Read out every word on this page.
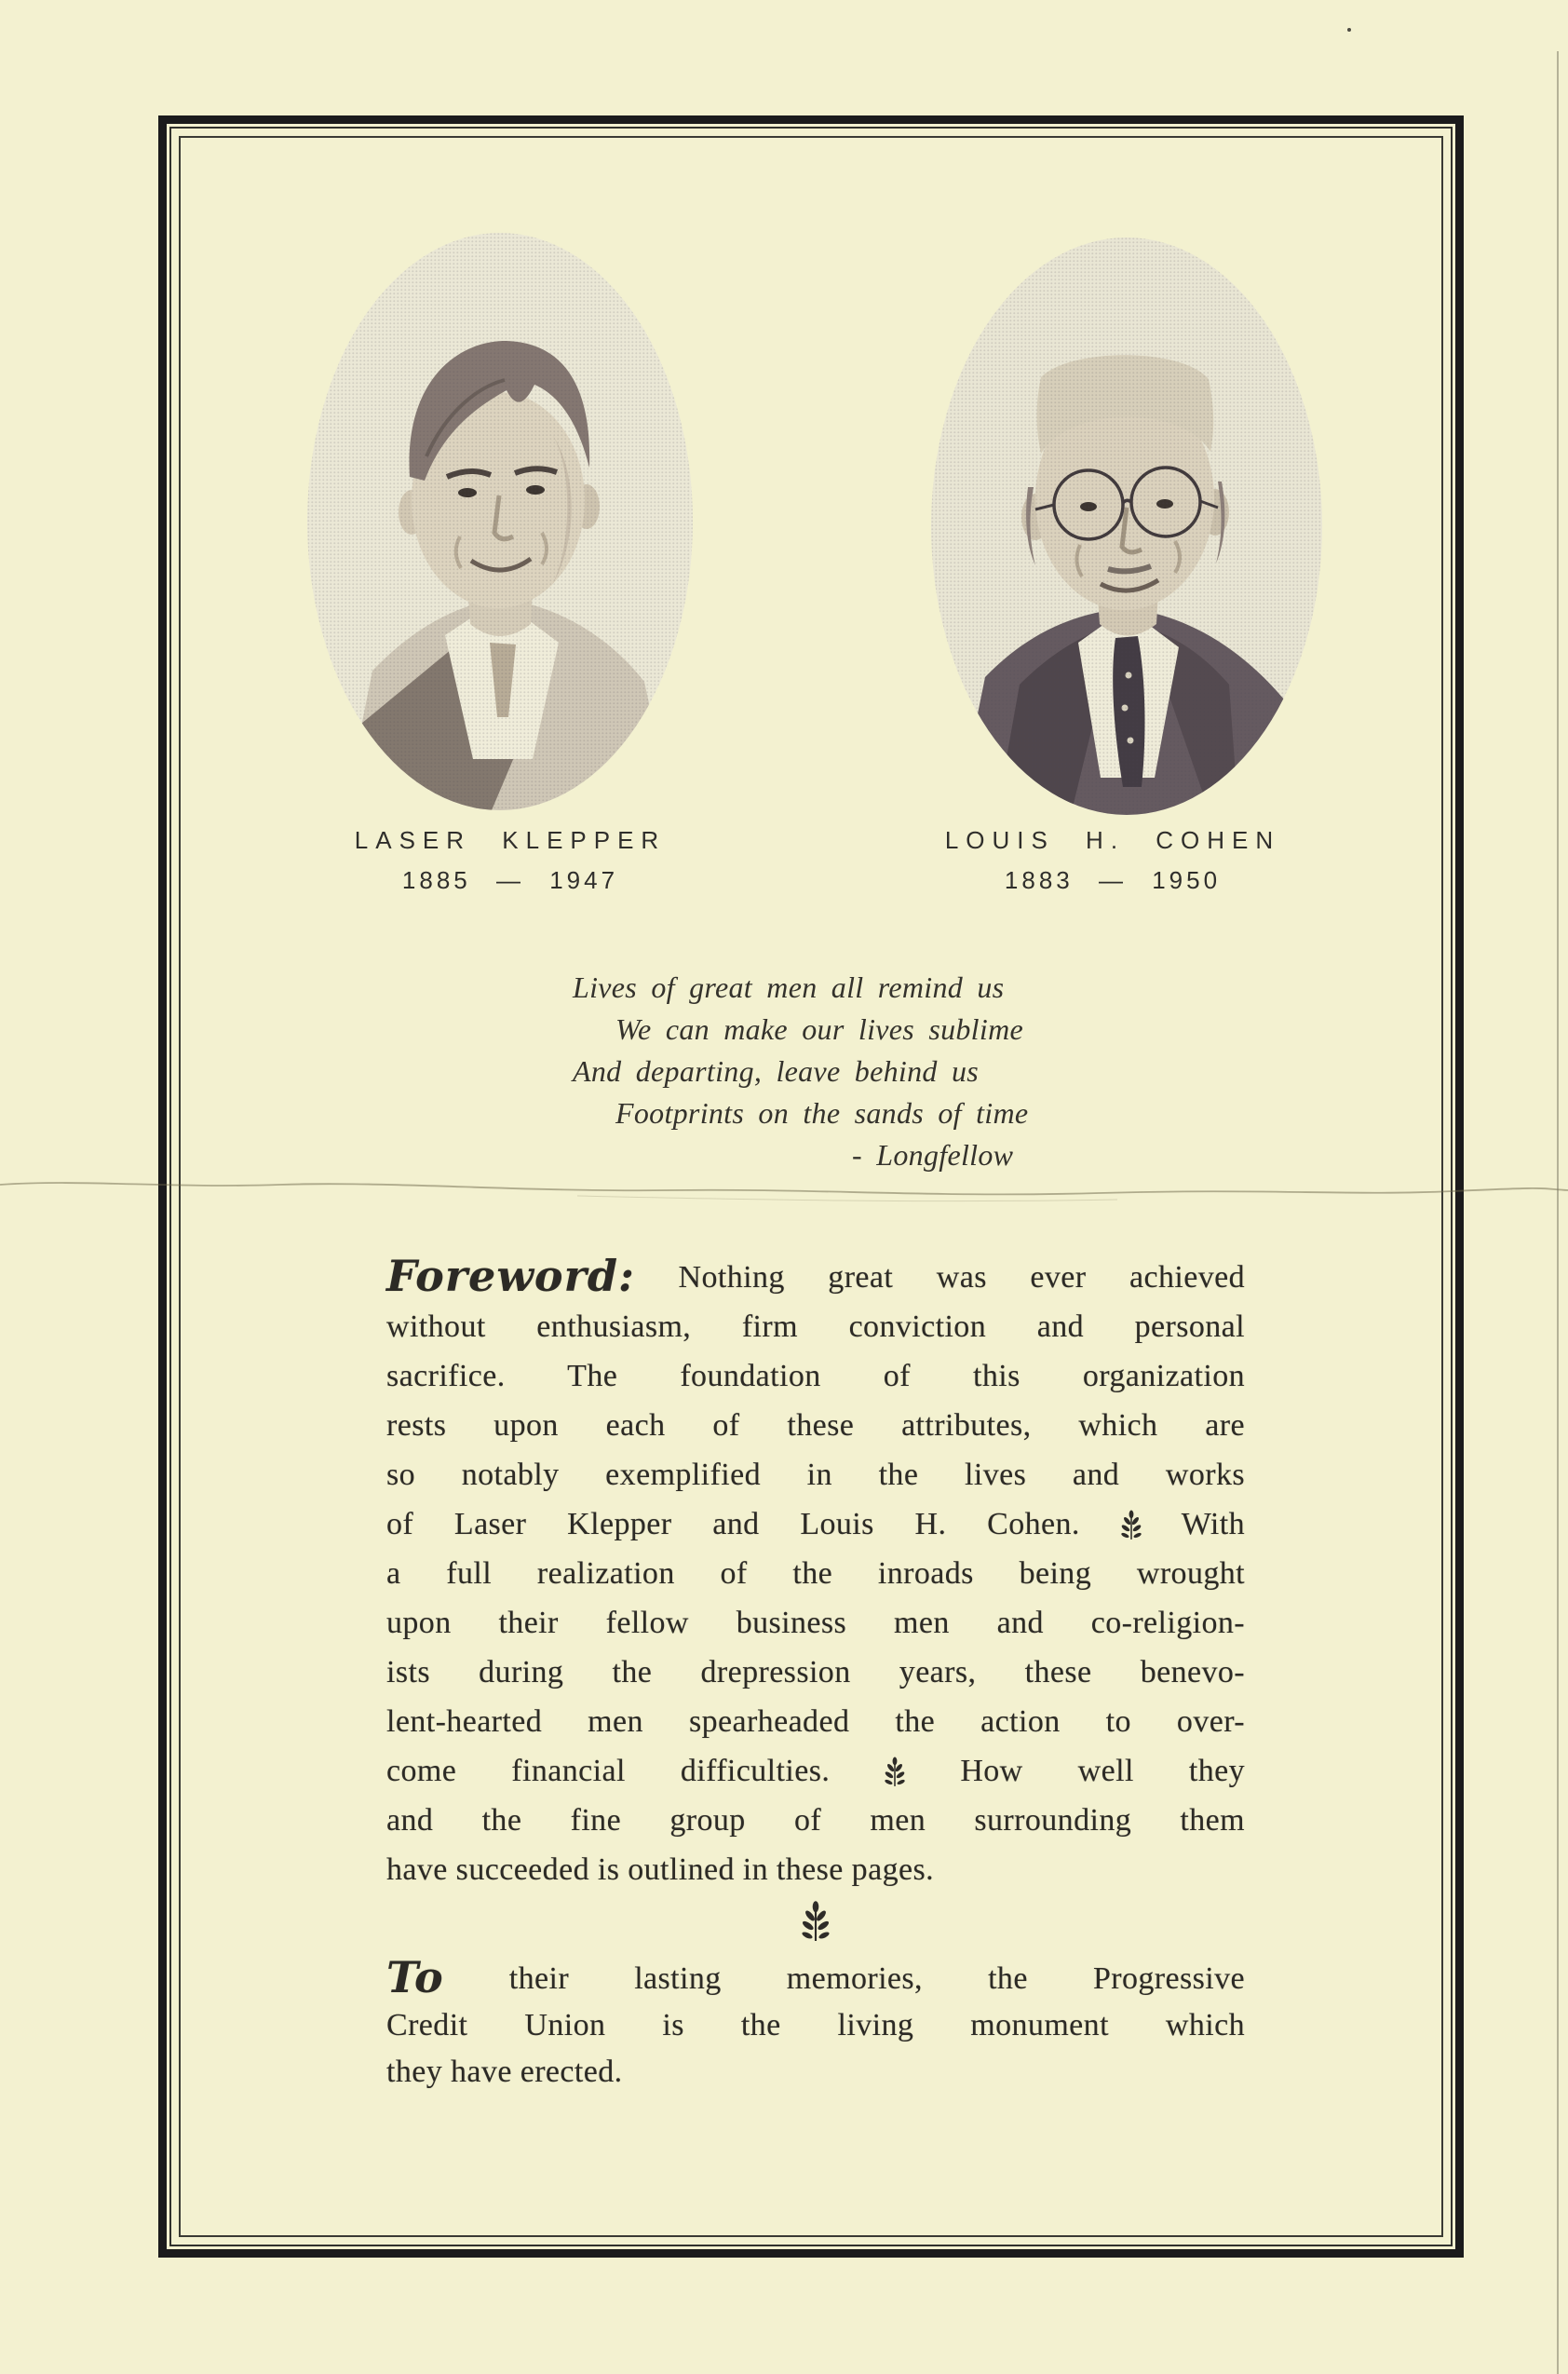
LASER KLEPPER
1885 — 1947
LOUIS H. COHEN
1883 — 1950
Lives of great men all remind us
We can make our lives sublime
And departing, leave behind us
Footprints on the sands of time
- Longfellow
Foreword: Nothing great was ever achieved
without enthusiasm, firm conviction and personal
sacrifice. The foundation of this organization
rests upon each of these attributes, which are
so notably exemplified in the lives and works
of Laser Klepper and Louis H. Cohen.  With
a full realization of the inroads being wrought
upon their fellow business men and co-religion-
ists during the drepression years, these benevo-
lent-hearted men spearheaded the action to over-
come financial difficulties.  How well they
and the fine group of men surrounding them
have succeeded is outlined in these pages.
To their lasting memories, the Progressive
Credit Union is the living monument which
they have erected.
